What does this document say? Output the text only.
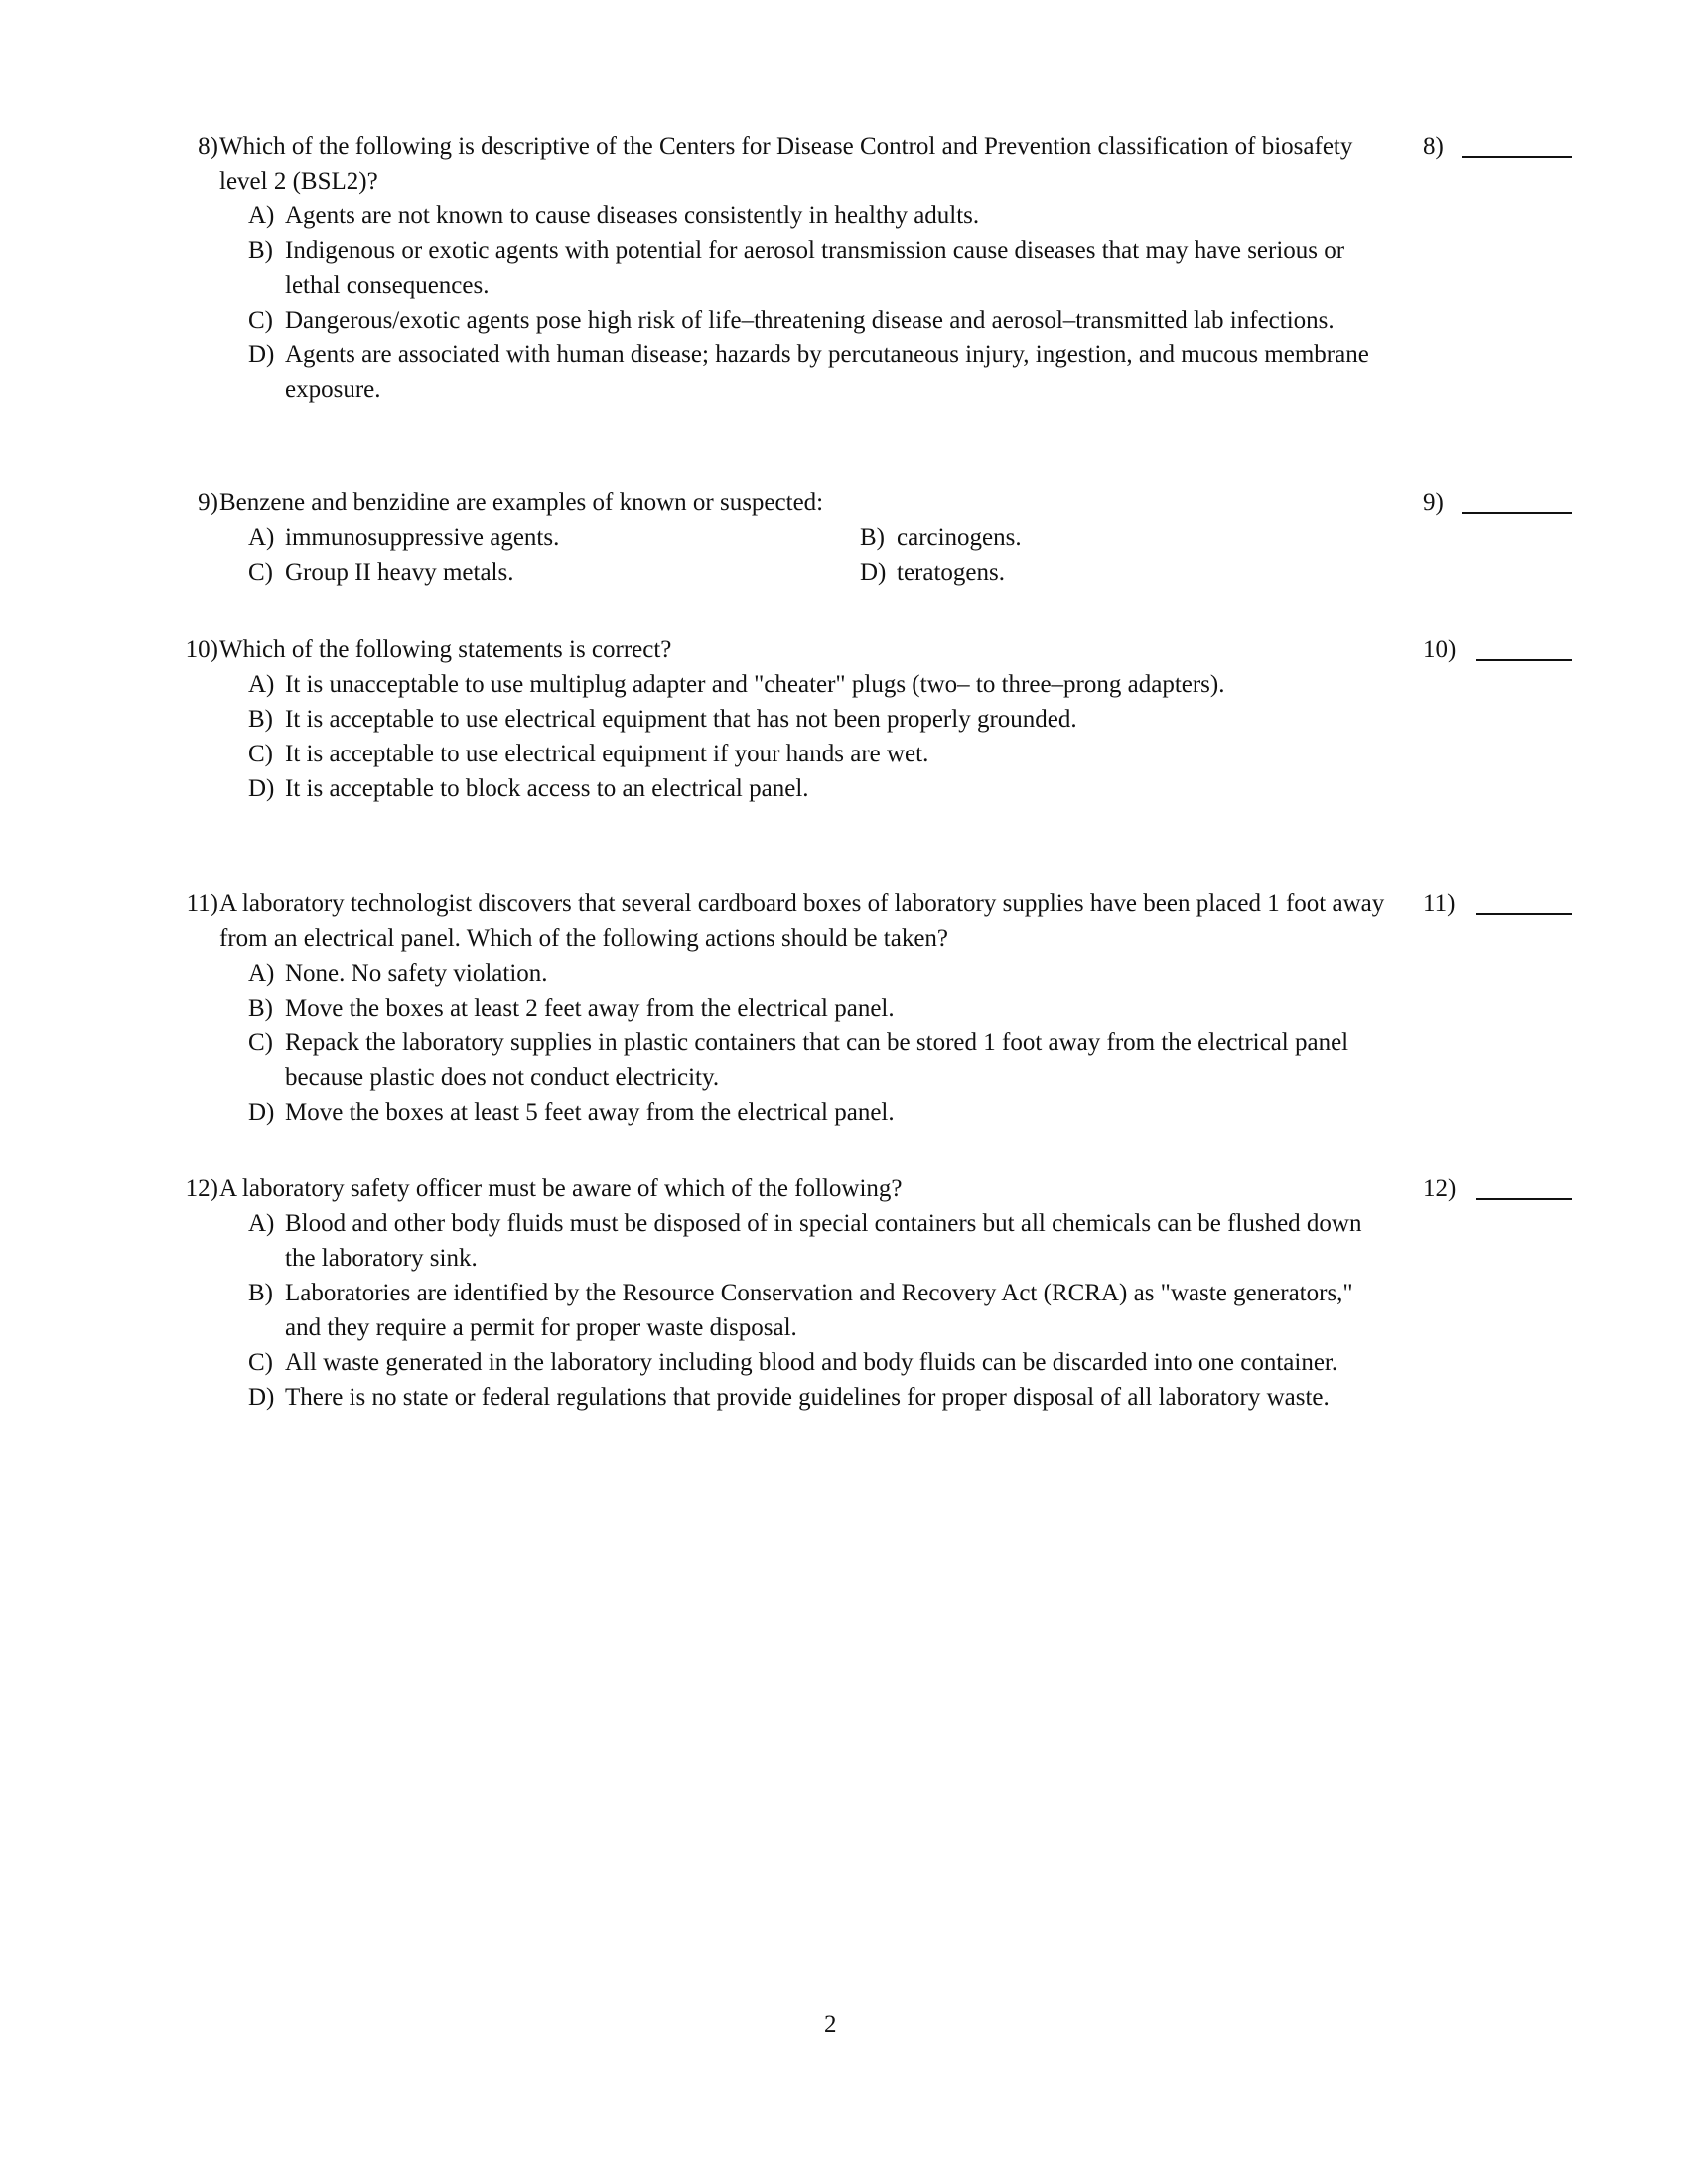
8) Which of the following is descriptive of the Centers for Disease Control and Prevention classification of biosafety level 2 (BSL2)?
A) Agents are not known to cause diseases consistently in healthy adults.
B) Indigenous or exotic agents with potential for aerosol transmission cause diseases that may have serious or lethal consequences.
C) Dangerous/exotic agents pose high risk of life–threatening disease and aerosol–transmitted lab infections.
D) Agents are associated with human disease; hazards by percutaneous injury, ingestion, and mucous membrane exposure.
8)
9) Benzene and benzidine are examples of known or suspected:
A) immunosuppressive agents.	B) carcinogens.
C) Group II heavy metals.	D) teratogens.
9)
10) Which of the following statements is correct?
A) It is unacceptable to use multiplug adapter and "cheater" plugs (two– to three–prong adapters).
B) It is acceptable to use electrical equipment that has not been properly grounded.
C) It is acceptable to use electrical equipment if your hands are wet.
D) It is acceptable to block access to an electrical panel.
10)
11) A laboratory technologist discovers that several cardboard boxes of laboratory supplies have been placed 1 foot away from an electrical panel. Which of the following actions should be taken?
A) None. No safety violation.
B) Move the boxes at least 2 feet away from the electrical panel.
C) Repack the laboratory supplies in plastic containers that can be stored 1 foot away from the electrical panel because plastic does not conduct electricity.
D) Move the boxes at least 5 feet away from the electrical panel.
11)
12) A laboratory safety officer must be aware of which of the following?
A) Blood and other body fluids must be disposed of in special containers but all chemicals can be flushed down the laboratory sink.
B) Laboratories are identified by the Resource Conservation and Recovery Act (RCRA) as "waste generators," and they require a permit for proper waste disposal.
C) All waste generated in the laboratory including blood and body fluids can be discarded into one container.
D) There is no state or federal regulations that provide guidelines for proper disposal of all laboratory waste.
12)
2
